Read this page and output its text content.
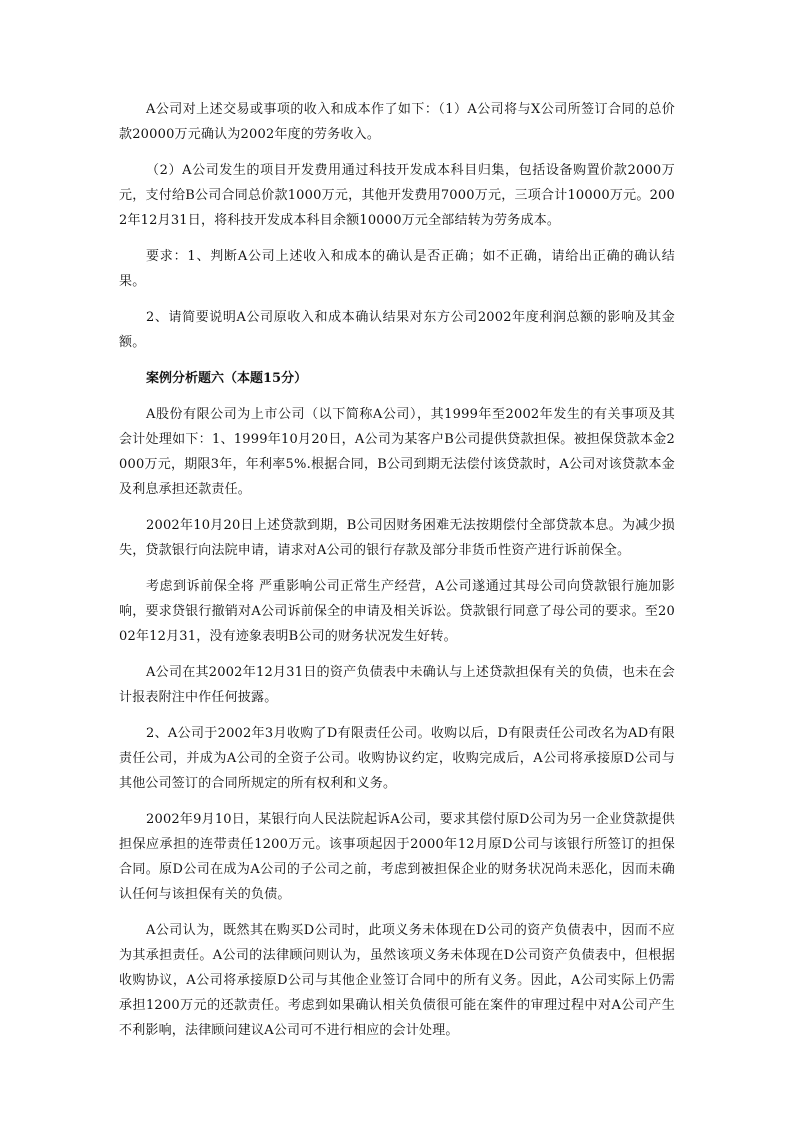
A公司对上述交易或事项的收入和成本作了如下：（1）A公司将与X公司所签订合同的总价款20000万元确认为2002年度的劳务收入。

（2）A公司发生的项目开发费用通过科技开发成本科目归集，包括设备购置价款2000万元，支付给B公司合同总价款1000万元，其他开发费用7000万元，三项合计10000万元。2002年12月31日，将科技开发成本科目余额10000万元全部结转为劳务成本。

要求：1、判断A公司上述收入和成本的确认是否正确；如不正确，请给出正确的确认结果。

2、请简要说明A公司原收入和成本确认结果对东方公司2002年度利润总额的影响及其金额。

案例分析题六（本题15分）

A股份有限公司为上市公司（以下简称A公司），其1999年至2002年发生的有关事项及其会计处理如下：1、1999年10月20日，A公司为某客户B公司提供贷款担保。被担保贷款本金2000万元，期限3年，年利率5%.根据合同，B公司到期无法偿付该贷款时，A公司对该贷款本金及利息承担还款责任。

2002年10月20日上述贷款到期，B公司因财务困难无法按期偿付全部贷款本息。为减少损失，贷款银行向法院申请，请求对A公司的银行存款及部分非货币性资产进行诉前保全。

考虑到诉前保全将 严重影响公司正常生产经营，A公司遂通过其母公司向贷款银行施加影响，要求贷银行撤销对A公司诉前保全的申请及相关诉讼。贷款银行同意了母公司的要求。至2002年12月31，没有迹象表明B公司的财务状况发生好转。

A公司在其2002年12月31日的资产负债表中未确认与上述贷款担保有关的负债，也未在会计报表附注中作任何披露。

2、A公司于2002年3月收购了D有限责任公司。收购以后，D有限责任公司改名为AD有限责任公司，并成为A公司的全资子公司。收购协议约定，收购完成后，A公司将承接原D公司与其他公司签订的合同所规定的所有权利和义务。

2002年9月10日，某银行向人民法院起诉A公司，要求其偿付原D公司为另一企业贷款提供担保应承担的连带责任1200万元。该事项起因于2000年12月原D公司与该银行所签订的担保合同。原D公司在成为A公司的子公司之前，考虑到被担保企业的财务状况尚未恶化，因而未确认任何与该担保有关的负债。

A公司认为，既然其在购买D公司时，此项义务未体现在D公司的资产负债表中，因而不应为其承担责任。A公司的法律顾问则认为，虽然该项义务未体现在D公司资产负债表中，但根据收购协议，A公司将承接原D公司与其他企业签订合同中的所有义务。因此，A公司实际上仍需承担1200万元的还款责任。考虑到如果确认相关负债很可能在案件的审理过程中对A公司产生不利影响，法律顾问建议A公司可不进行相应的会计处理。
